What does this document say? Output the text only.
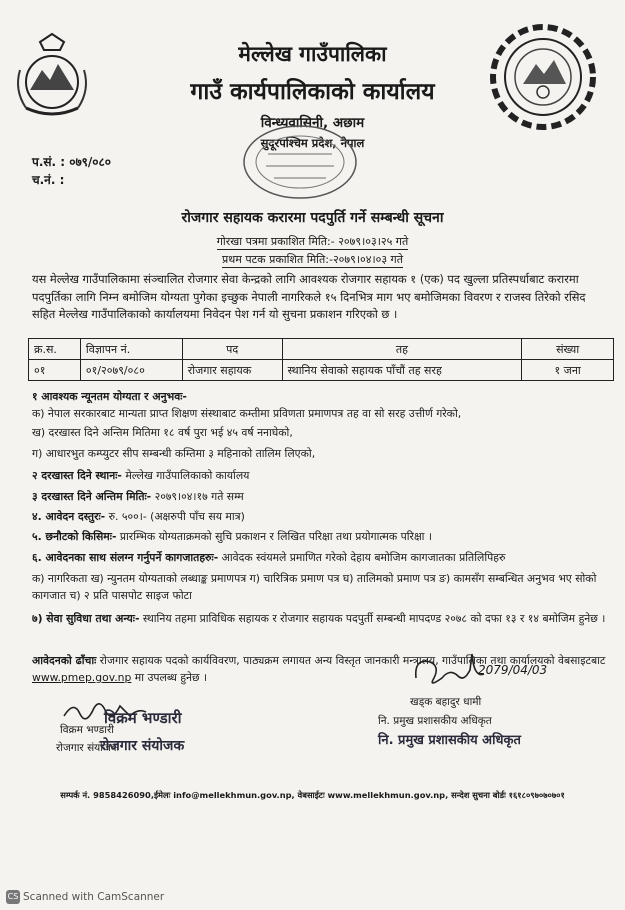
मेल्लेख गाउँपालिका
गाउँ कार्यपालिकाको कार्यालय
विन्ध्यवासिनी, अछाम
सुदूरपश्चिम प्रदेश, नेपाल
प.सं. : ०७९/०८०
च.नं. :
रोजगार सहायक करारमा पदपुर्ति गर्ने सम्बन्धी सूचना
गोरखा पत्रमा प्रकाशित मिति:- २०७९।०३।२५ गते
प्रथम पटक प्रकाशित मिति:-२०७९।०४।०३ गते
यस मेल्लेख गाउँपालिकामा संञ्चालित रोजगार सेवा केन्द्रको लागि आवश्यक रोजगार सहायक १ (एक) पद खुल्ला प्रतिस्पर्धाबाट करारमा पदपुर्तिका लागि निम्न बमोजिम योग्यता पुगेका इच्छुक नेपाली नागरिकले १५ दिनभित्र माग भए बमोजिमका विवरण र राजस्व तिरेको रसिद सहित मेल्लेख गाउँपालिकाको कार्यालयमा निवेदन पेश गर्न यो सुचना प्रकाशन गरिएको छ ।
क्र.स.	विज्ञापन नं.	पद	तह	संख्या
०१	०१/२०७९/०८०	रोजगार सहायक	स्थानिय सेवाको सहायक पाँचौं तह सरह	१ जना
१ आवश्यक न्यूनतम योग्यता र अनुभवः-
क) नेपाल सरकारबाट मान्यता प्राप्त शिक्षण संस्थाबाट कम्तीमा प्रविणता प्रमाणपत्र तह वा सो सरह उत्तीर्ण गरेको,
ख) दरखास्त दिने अन्तिम मितिमा १८ वर्ष पुरा भई ४५ वर्ष ननाघेको,
ग) आधारभुत कम्प्युटर सीप सम्बन्धी कम्तिमा ३ महिनाको तालिम लिएको,
२ दरखास्त दिने स्थानः- मेल्लेख गाउँपालिकाको कार्यालय
३ दरखास्त दिने अन्तिम मितिः- २०७९।०४।१७ गते सम्म
४. आवेदन दस्तुरः- रु. ५००।- (अक्षरुपी पाँच सय मात्र)
५. छनौटको किसिमः- प्रारम्भिक योग्यताक्रमको सुचि प्रकाशन र लिखित परिक्षा तथा प्रयोगात्मक परिक्षा ।
६. आवेदनका साथ संलग्न गर्नुपर्ने कागजातहरुः- आवेदक स्वंयमले प्रमाणित गरेको देहाय बमोजिम कागजातका प्रतिलिपिहरु
क) नागरिकता ख) न्युनतम योग्यताको लब्धाङ्क प्रमाणपत्र ग) चारित्रिक प्रमाण पत्र घ) तालिमको प्रमाण पत्र ङ) कामसँग सम्बन्धित अनुभव भए सोको कागजात च) २ प्रति पासपोट साइज फोटा
७) सेवा सुविधा तथा अन्यः- स्थानिय तहमा प्राविधिक सहायक र रोजगार सहायक पदपुर्ती सम्बन्धी मापदण्ड २०७८ को दफा १३ र १४ बमोजिम हुनेछ ।
आवेदनको ढाँचाः रोजगार सहायक पदको कार्यविवरण, पाठ्यक्रम लगायत अन्य विस्तृत जानकारी मन्त्रालय, गाउँपालिका तथा कार्यालयको वेबसाइटबाट www.pmep.gov.np मा उपलब्ध हुनेछ ।
विक्रम भण्डारी
रोजगार संयोजक
विक्रम भण्डारी
रोजगार संयोजक
2079/04/03
खड्क बहादुर धामी
नि. प्रमुख प्रशासकीय अधिकृत
नि. प्रमुख प्रशासकीय अधिकृत
सम्पर्क नं. 9858426090,ईमेलः info@mellekhmun.gov.np, वेबसाईटः www.mellekhmun.gov.np, सन्देश सुचना बोर्डः १६१८०९७०७०७०१
CS Scanned with CamScanner
